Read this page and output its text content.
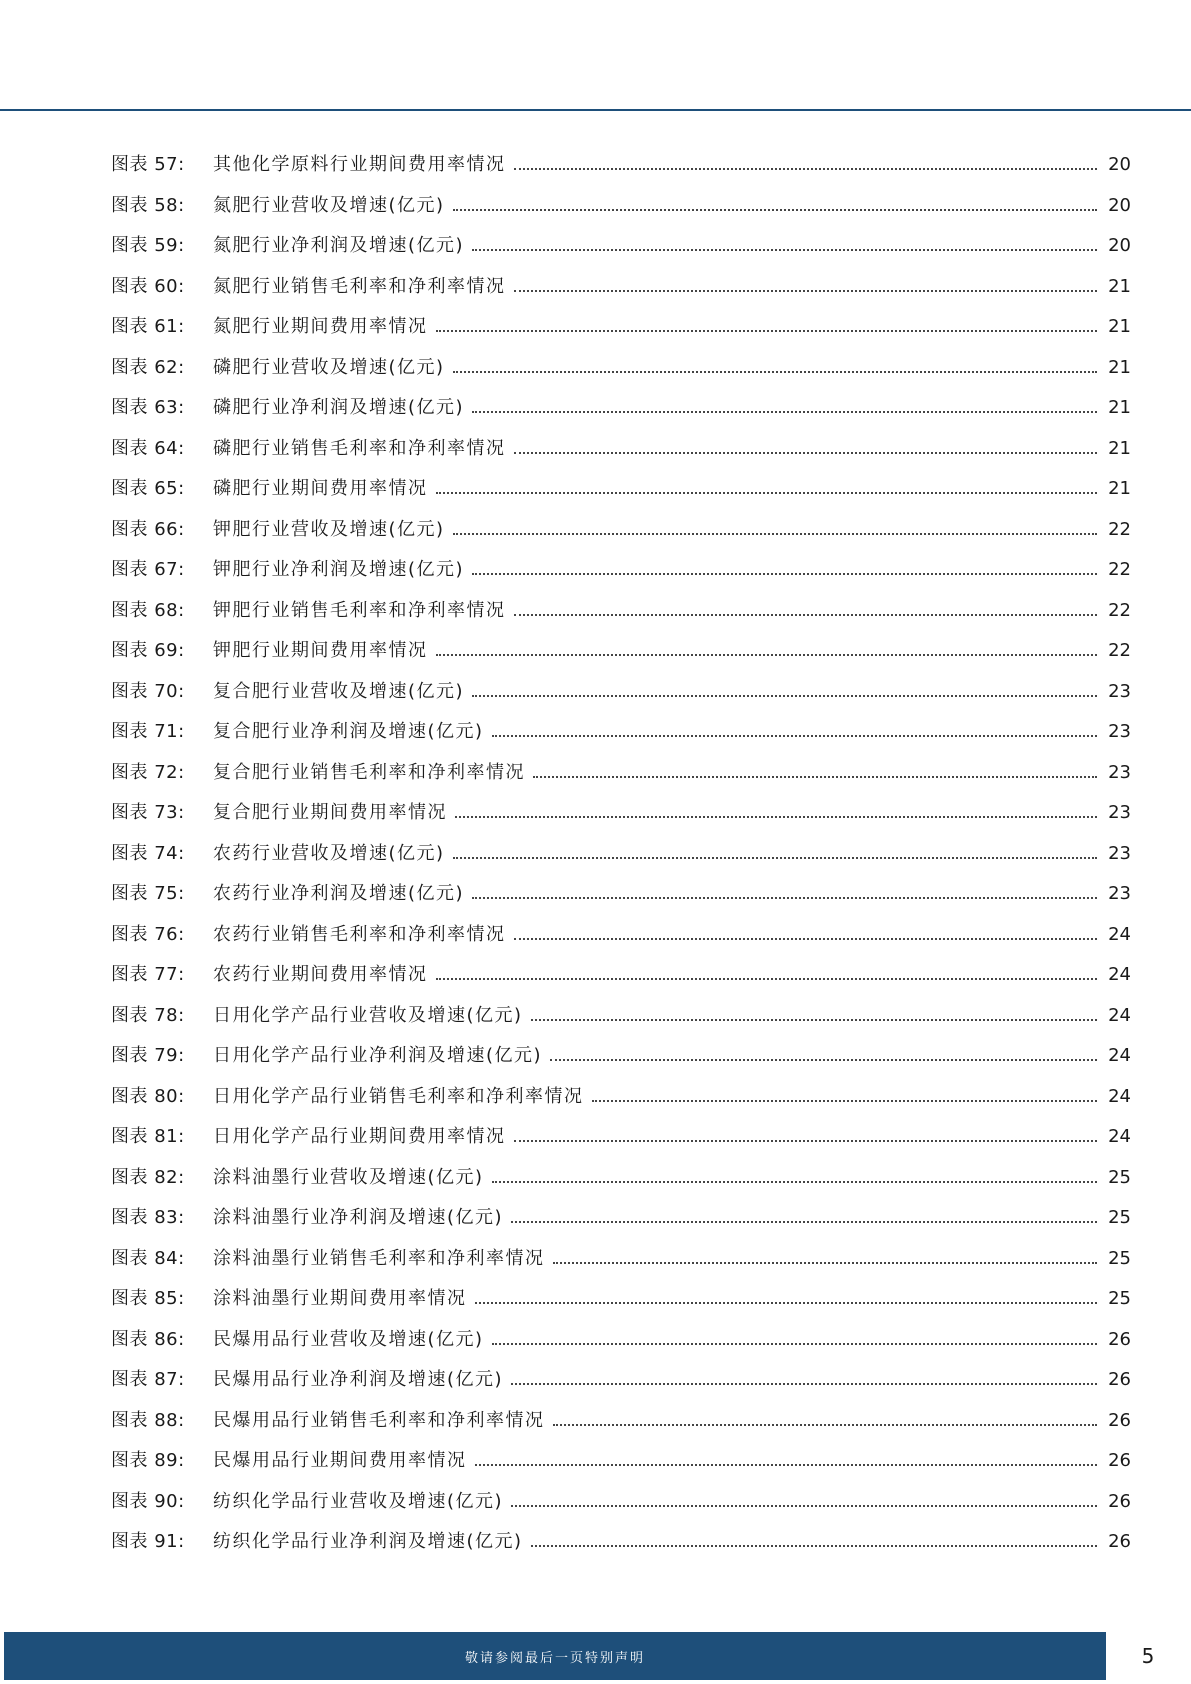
图表 57:	其他化学原料行业期间费用率情况	20
图表 58:	氮肥行业营收及增速(亿元)	20
图表 59:	氮肥行业净利润及增速(亿元)	20
图表 60:	氮肥行业销售毛利率和净利率情况	21
图表 61:	氮肥行业期间费用率情况	21
图表 62:	磷肥行业营收及增速(亿元)	21
图表 63:	磷肥行业净利润及增速(亿元)	21
图表 64:	磷肥行业销售毛利率和净利率情况	21
图表 65:	磷肥行业期间费用率情况	21
图表 66:	钾肥行业营收及增速(亿元)	22
图表 67:	钾肥行业净利润及增速(亿元)	22
图表 68:	钾肥行业销售毛利率和净利率情况	22
图表 69:	钾肥行业期间费用率情况	22
图表 70:	复合肥行业营收及增速(亿元)	23
图表 71:	复合肥行业净利润及增速(亿元)	23
图表 72:	复合肥行业销售毛利率和净利率情况	23
图表 73:	复合肥行业期间费用率情况	23
图表 74:	农药行业营收及增速(亿元)	23
图表 75:	农药行业净利润及增速(亿元)	23
图表 76:	农药行业销售毛利率和净利率情况	24
图表 77:	农药行业期间费用率情况	24
图表 78:	日用化学产品行业营收及增速(亿元)	24
图表 79:	日用化学产品行业净利润及增速(亿元)	24
图表 80:	日用化学产品行业销售毛利率和净利率情况	24
图表 81:	日用化学产品行业期间费用率情况	24
图表 82:	涂料油墨行业营收及增速(亿元)	25
图表 83:	涂料油墨行业净利润及增速(亿元)	25
图表 84:	涂料油墨行业销售毛利率和净利率情况	25
图表 85:	涂料油墨行业期间费用率情况	25
图表 86:	民爆用品行业营收及增速(亿元)	26
图表 87:	民爆用品行业净利润及增速(亿元)	26
图表 88:	民爆用品行业销售毛利率和净利率情况	26
图表 89:	民爆用品行业期间费用率情况	26
图表 90:	纺织化学品行业营收及增速(亿元)	26
图表 91:	纺织化学品行业净利润及增速(亿元)	26
敬请参阅最后一页特别声明	5
